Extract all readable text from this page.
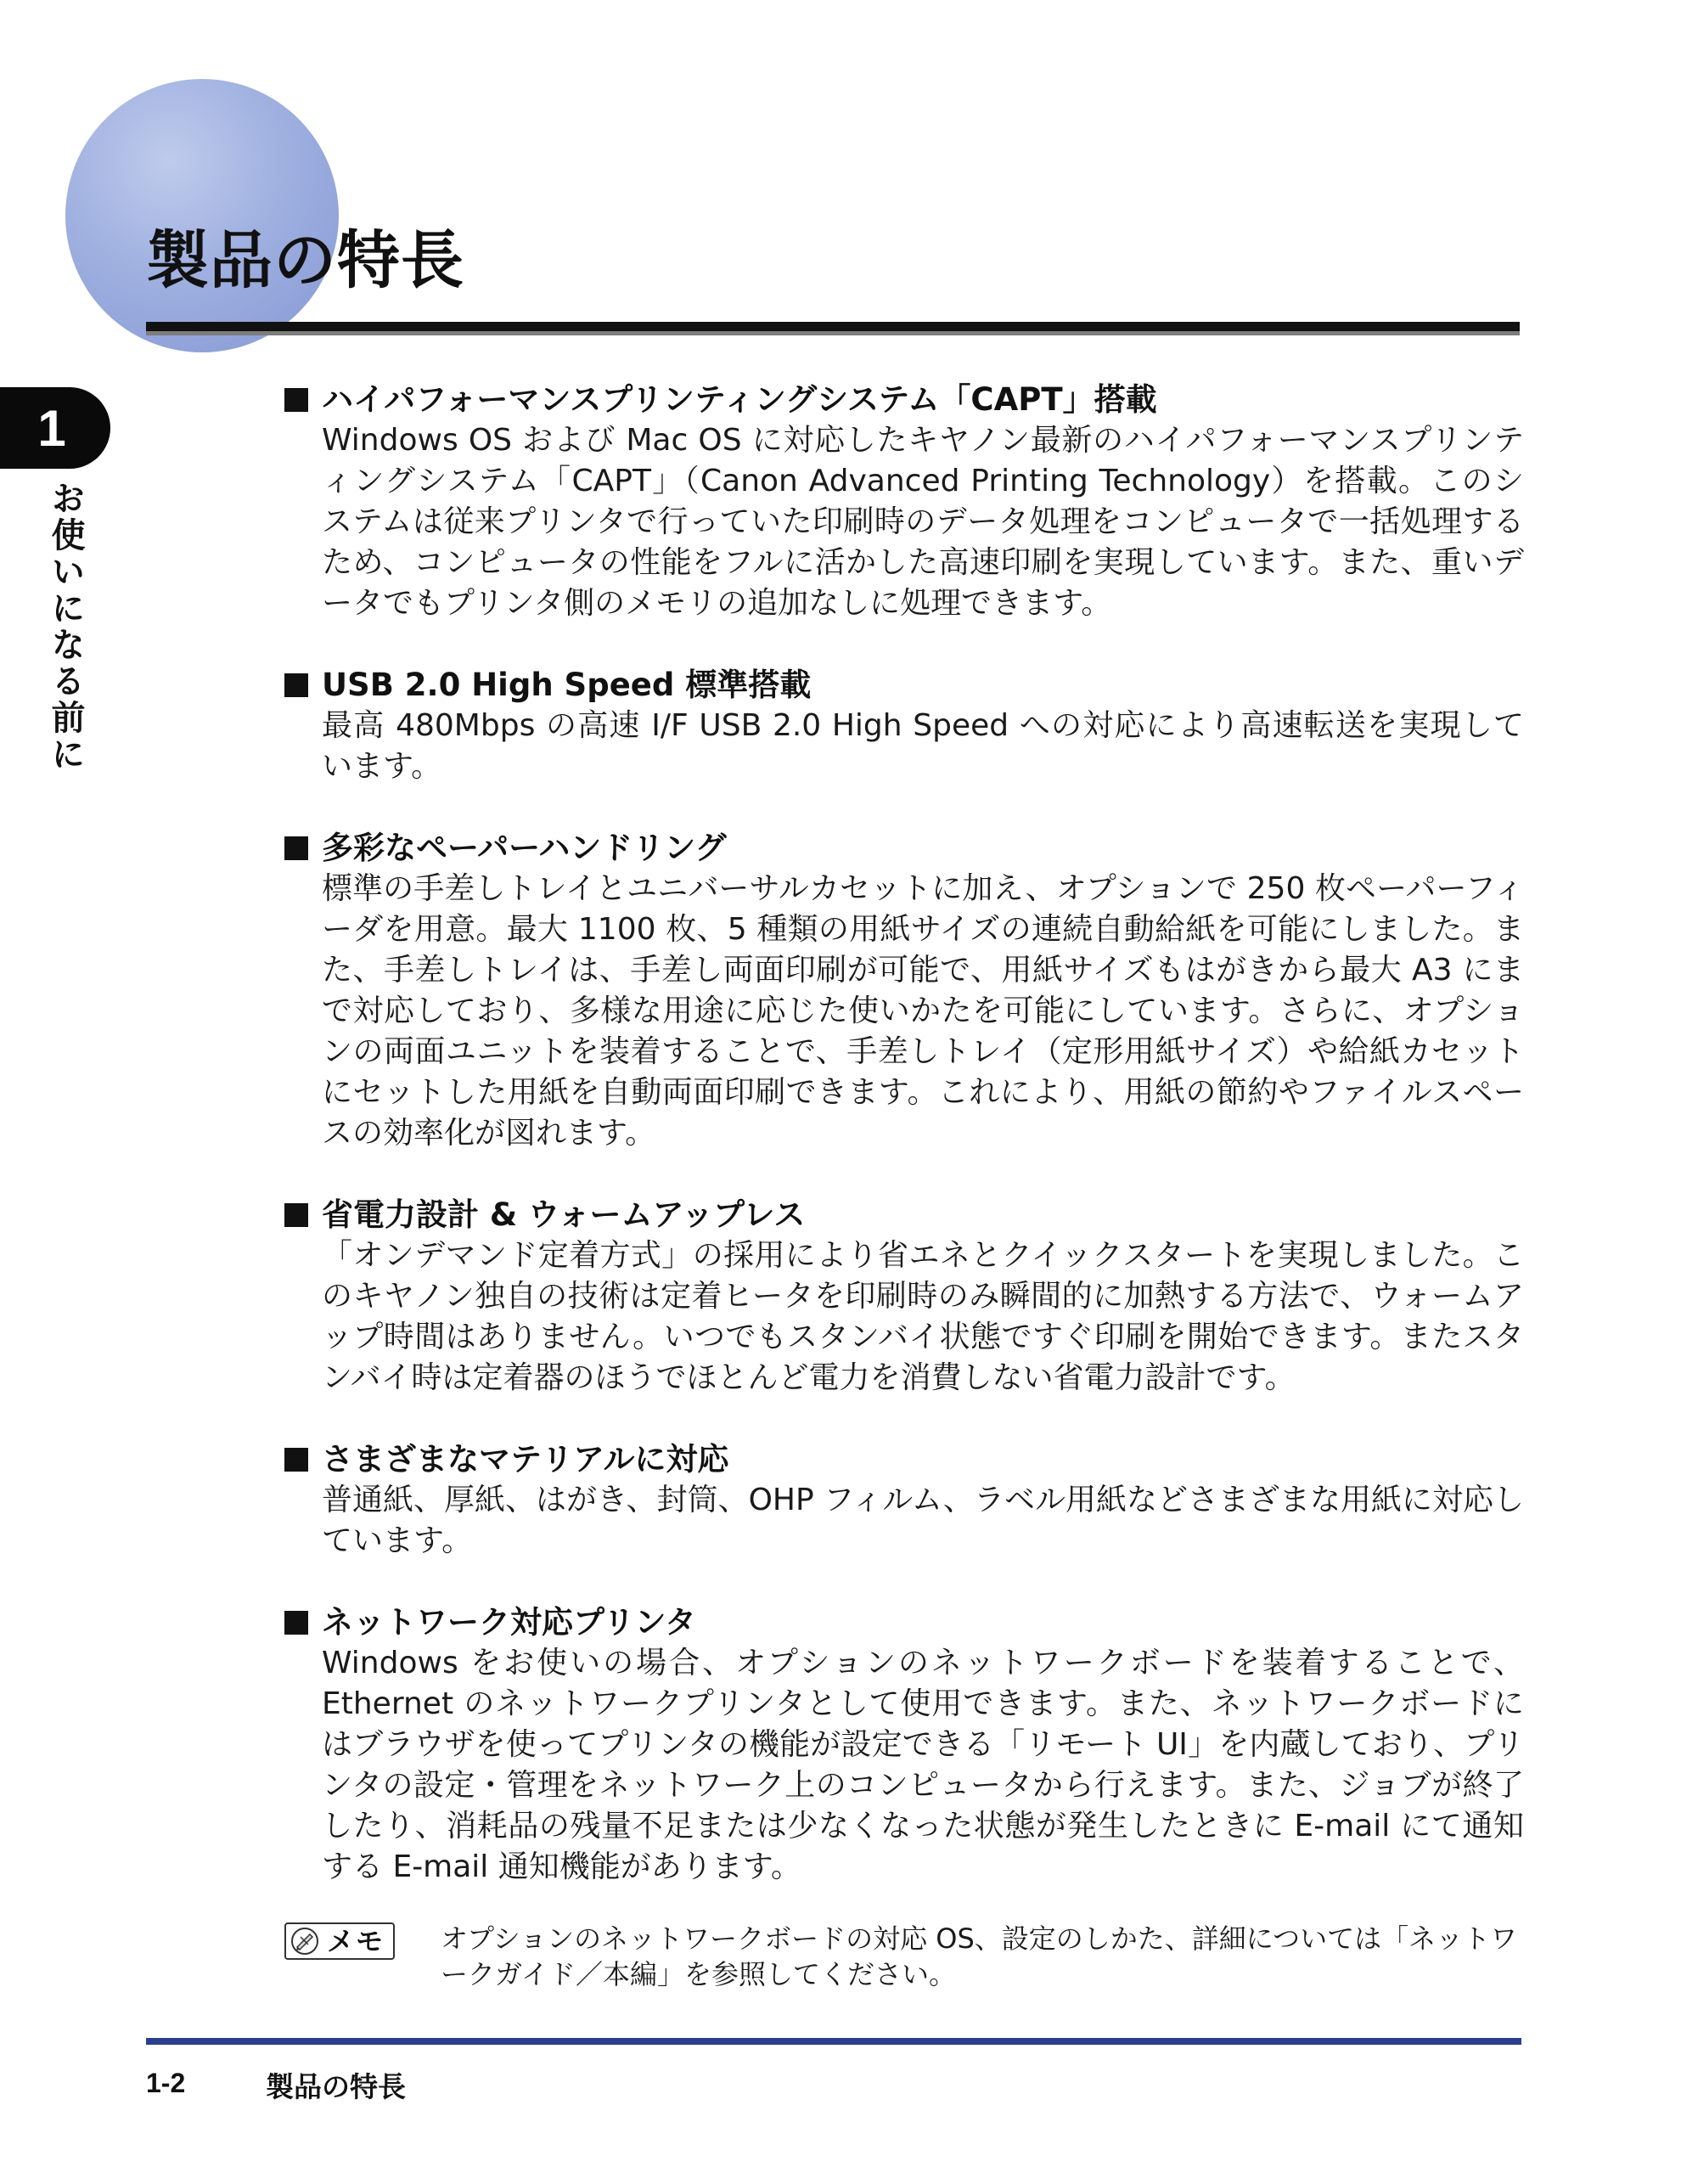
製品の特長
1
お使いになる前に
ハイパフォーマンスプリンティングシステム「CAPT」搭載

Windows OS および Mac OS に対応したキヤノン最新のハイパフォーマンスプリンティングシステム「CAPT」（Canon Advanced Printing Technology）を搭載。このシステムは従来プリンタで行っていた印刷時のデータ処理をコンピュータで一括処理するため、コンピュータの性能をフルに活かした高速印刷を実現しています。また、重いデータでもプリンタ側のメモリの追加なしに処理できます。

USB 2.0 High Speed 標準搭載

最高 480Mbps の高速 I/F USB 2.0 High Speed への対応により高速転送を実現しています。

多彩なペーパーハンドリング

標準の手差しトレイとユニバーサルカセットに加え、オプションで 250 枚ペーパーフィーダを用意。最大 1100 枚、5 種類の用紙サイズの連続自動給紙を可能にしました。また、手差しトレイは、手差し両面印刷が可能で、用紙サイズもはがきから最大 A3 にまで対応しており、多様な用途に応じた使いかたを可能にしています。さらに、オプションの両面ユニットを装着することで、手差しトレイ（定形用紙サイズ）や給紙カセットにセットした用紙を自動両面印刷できます。これにより、用紙の節約やファイルスペースの効率化が図れます。

省電力設計 & ウォームアップレス

「オンデマンド定着方式」の採用により省エネとクイックスタートを実現しました。このキヤノン独自の技術は定着ヒータを印刷時のみ瞬間的に加熱する方法で、ウォームアップ時間はありません。いつでもスタンバイ状態ですぐ印刷を開始できます。またスタンバイ時は定着器のほうでほとんど電力を消費しない省電力設計です。

さまざまなマテリアルに対応

普通紙、厚紙、はがき、封筒、OHP フィルム、ラベル用紙などさまざまな用紙に対応しています。

ネットワーク対応プリンタ

Windows をお使いの場合、オプションのネットワークボードを装着することで、Ethernet のネットワークプリンタとして使用できます。また、ネットワークボードにはブラウザを使ってプリンタの機能が設定できる「リモート UI」を内蔵しており、プリンタの設定・管理をネットワーク上のコンピュータから行えます。また、ジョブが終了したり、消耗品の残量不足または少なくなった状態が発生したときに E-mail にて通知する E-mail 通知機能があります。

メモ オプションのネットワークボードの対応 OS、設定のしかた、詳細については「ネットワークガイド／本編」を参照してください。

1-2	製品の特長
